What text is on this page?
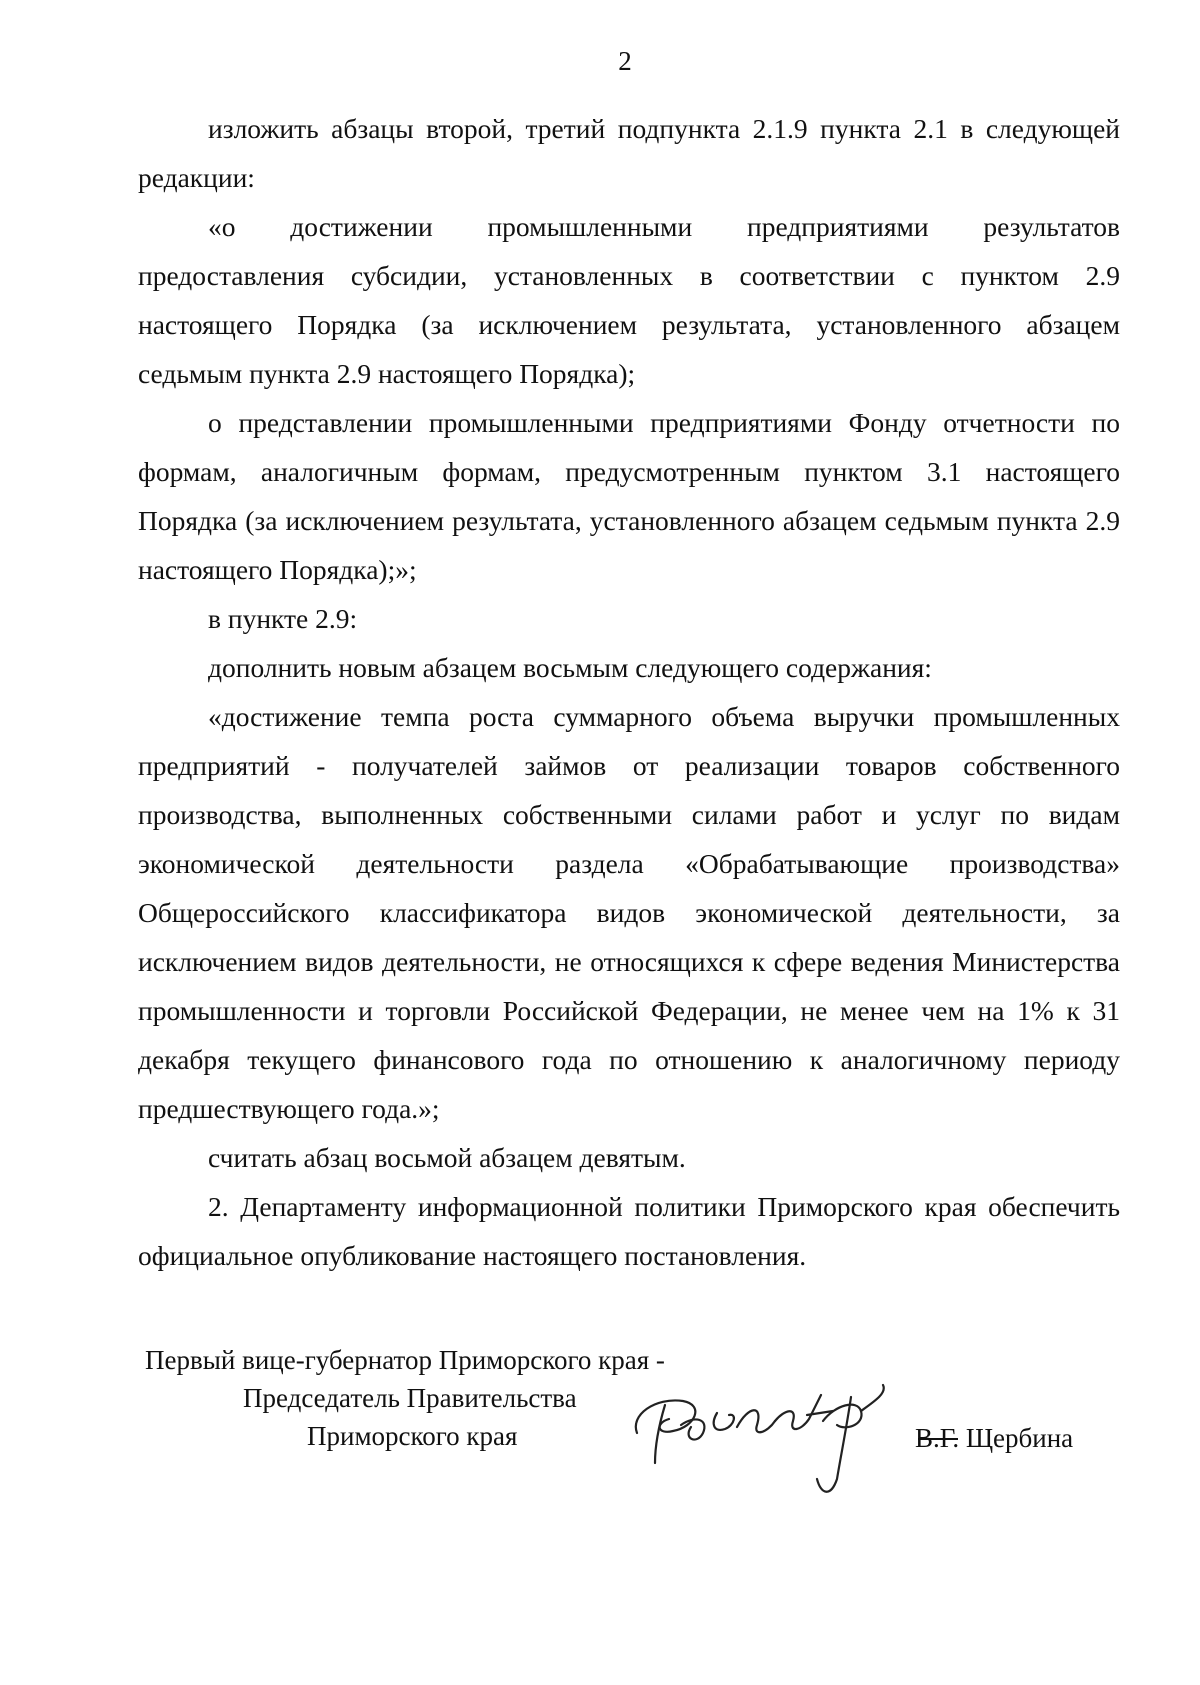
2

изложить абзацы второй, третий подпункта 2.1.9 пункта 2.1 в следующей редакции:

«о достижении промышленными предприятиями результатов предоставления субсидии, установленных в соответствии с пунктом 2.9 настоящего Порядка (за исключением результата, установленного абзацем седьмым пункта 2.9 настоящего Порядка);

о представлении промышленными предприятиями Фонду отчетности по формам, аналогичным формам, предусмотренным пунктом 3.1 настоящего Порядка (за исключением результата, установленного абзацем седьмым пункта 2.9 настоящего Порядка);»;

в пункте 2.9:

дополнить новым абзацем восьмым следующего содержания:

«достижение темпа роста суммарного объема выручки промышленных предприятий - получателей займов от реализации товаров собственного производства, выполненных собственными силами работ и услуг по видам экономической деятельности раздела «Обрабатывающие производства» Общероссийского классификатора видов экономической деятельности, за исключением видов деятельности, не относящихся к сфере ведения Министерства промышленности и торговли Российской Федерации, не менее чем на 1% к 31 декабря текущего финансового года по отношению к аналогичному периоду предшествующего года.»;

считать абзац восьмой абзацем девятым.

2. Департаменту информационной политики Приморского края обеспечить официальное опубликование настоящего постановления.

Первый вице-губернатор Приморского края -
Председатель Правительства
Приморского края	В.Г. Щербина
